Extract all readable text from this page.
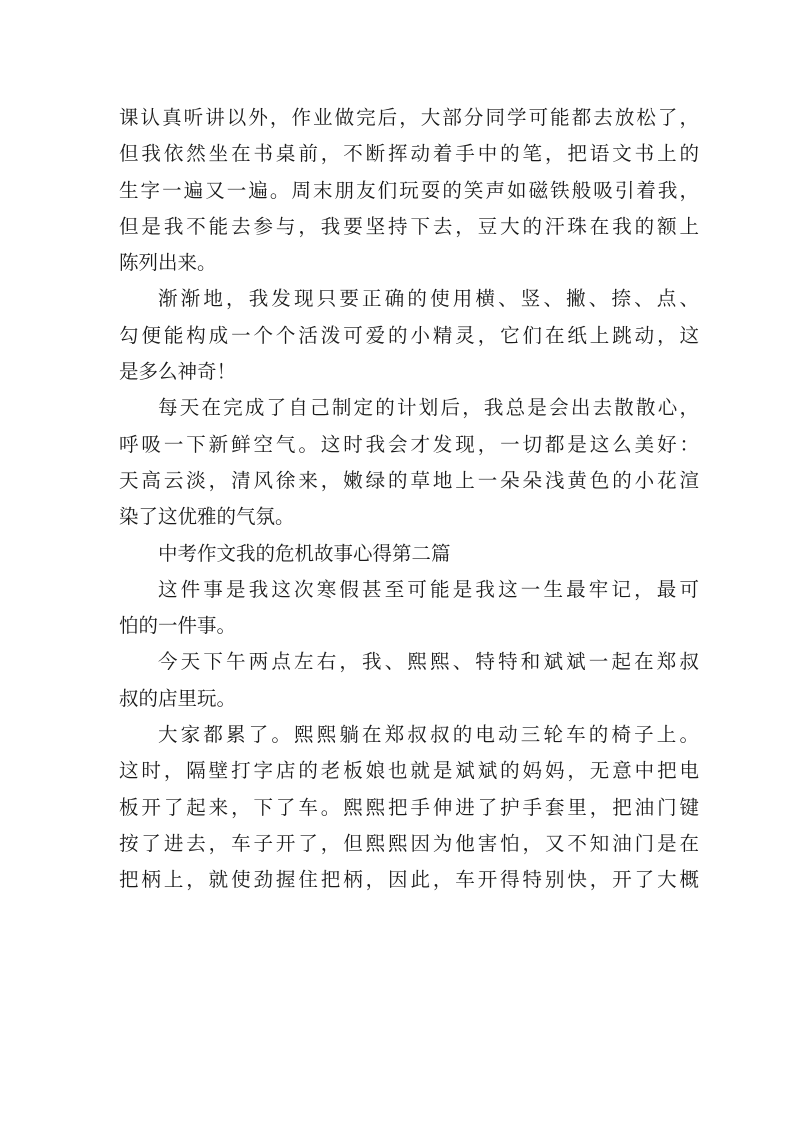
课认真听讲以外，作业做完后，大部分同学可能都去放松了，
但我依然坐在书桌前，不断挥动着手中的笔，把语文书上的
生字一遍又一遍。周末朋友们玩耍的笑声如磁铁般吸引着我，
但是我不能去参与，我要坚持下去，豆大的汗珠在我的额上
陈列出来。
渐渐地，我发现只要正确的使用横、竖、撇、捺、点、
勾便能构成一个个活泼可爱的小精灵，它们在纸上跳动，这
是多么神奇！
每天在完成了自己制定的计划后，我总是会出去散散心，
呼吸一下新鲜空气。这时我会才发现，一切都是这么美好：
天高云淡，清风徐来，嫩绿的草地上一朵朵浅黄色的小花渲
染了这优雅的气氛。
中考作文我的危机故事心得第二篇
这件事是我这次寒假甚至可能是我这一生最牢记，最可
怕的一件事。
今天下午两点左右，我、熙熙、特特和斌斌一起在郑叔
叔的店里玩。
大家都累了。熙熙躺在郑叔叔的电动三轮车的椅子上。
这时，隔壁打字店的老板娘也就是斌斌的妈妈，无意中把电
板开了起来，下了车。熙熙把手伸进了护手套里，把油门键
按了进去，车子开了，但熙熙因为他害怕，又不知油门是在
把柄上，就使劲握住把柄，因此，车开得特别快，开了大概
